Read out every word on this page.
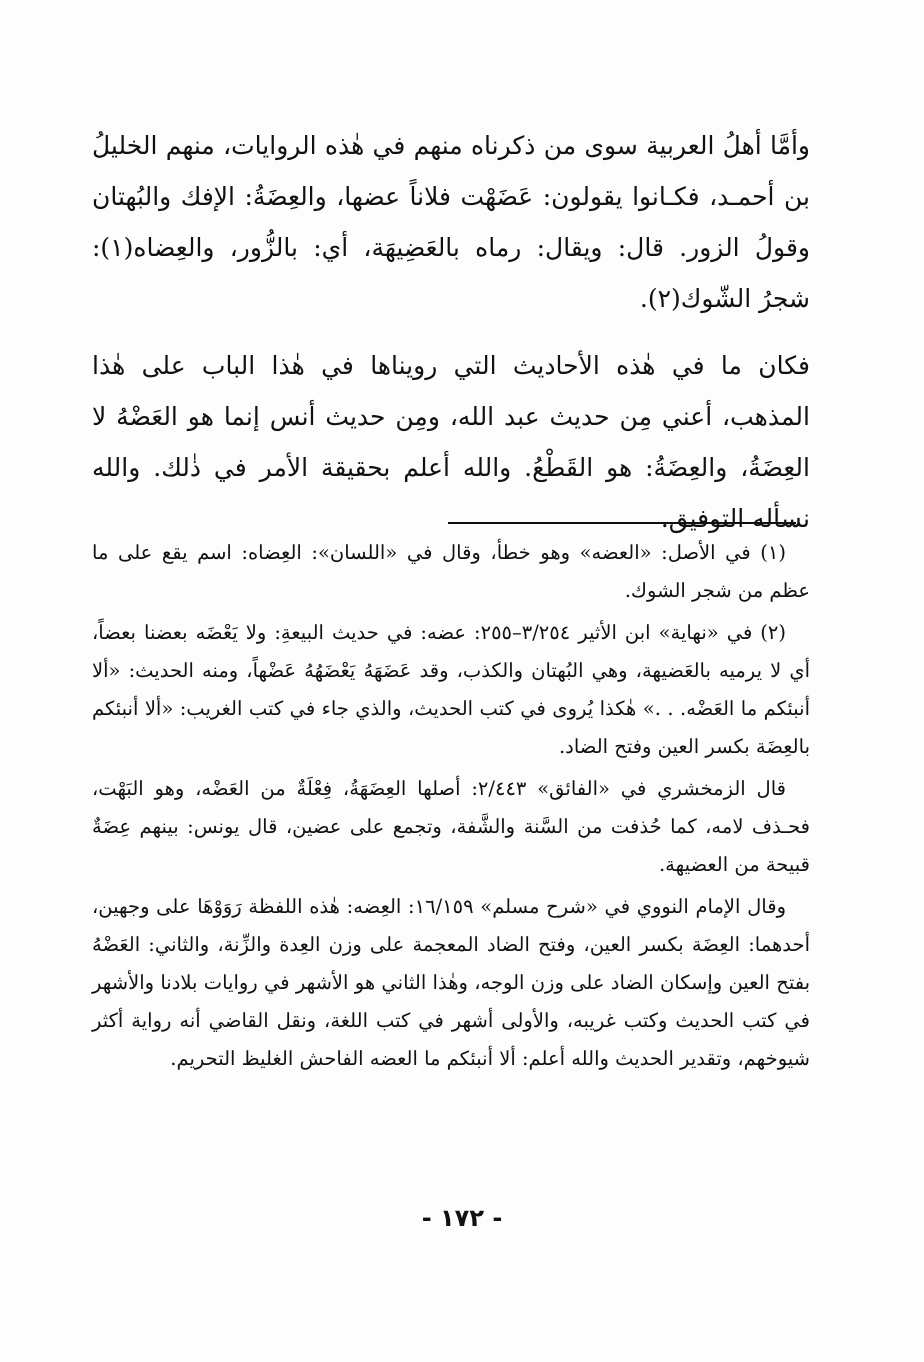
وأمَّا أهلُ العربية سوى من ذكرناه منهم في هٰذه الروايات، منهم الخليلُ بن أحمـد، فكـانوا يقولون: عَضَهْت فلاناً عضها، والعِضَةُ: الإفك والبُهتان وقولُ الزور. قال: ويقال: رماه بالعَضِيهَة، أي: بالزُّور، والعِضاه(١): شجرُ الشّوك(٢).

فكان ما في هٰذه الأحاديث التي رويناها في هٰذا الباب على هٰذا المذهب، أعني مِن حديث عبد الله، ومِن حديث أنس إنما هو العَضْهُ لا العِضَةُ، والعِضَةُ: هو القَطْعُ. والله أعلم بحقيقة الأمر في ذٰلك. والله نسأله التوفيق.

(١) في الأصل: «العضه» وهو خطأ، وقال في «اللسان»: العِضاه: اسم يقع على ما عظم من شجر الشوك.

(٢) في «نهاية» ابن الأثير ٣/٢٥٤–٢٥٥: عضه: في حديث البيعةِ: ولا يَعْضَه بعضنا بعضاً، أي لا يرميه بالعَضيهة، وهي البُهتان والكذب، وقد عَضَهَهُ يَعْضَهُهُ عَضْهاً، ومنه الحديث: «ألا أنبئكم ما العَضْه. . .» هٰكذا يُروى في كتب الحديث، والذي جاء في كتب الغريب: «ألا أنبئكم بالعِضَة بكسر العين وفتح الضاد.

قال الزمخشري في «الفائق» ٢/٤٤٣: أصلها العِضَهَةُ، فِعْلَةٌ من العَضْه، وهو البَهْت، فحـذف لامه، كما حُذفت من السَّنة والشَّفة، وتجمع على عضين، قال يونس: بينهم عِضَةٌ قبيحة من العضيهة.

وقال الإمام النووي في «شرح مسلم» ١٦/١٥٩: العِضه: هٰذه اللفظة رَوَوْهَا على وجهين، أحدهما: العِضَة بكسر العين، وفتح الضاد المعجمة على وزن العِدة والزِّنة، والثاني: العَضْهُ بفتح العين وإسكان الضاد على وزن الوجه، وهٰذا الثاني هو الأشهر في روايات بلادنا والأشهر في كتب الحديث وكتب غريبه، والأولى أشهر في كتب اللغة، ونقل القاضي أنه رواية أكثر شيوخهم، وتقدير الحديث والله أعلم: ألا أنبئكم ما العضه الفاحش الغليظ التحريم.

- ١٧٢ -
